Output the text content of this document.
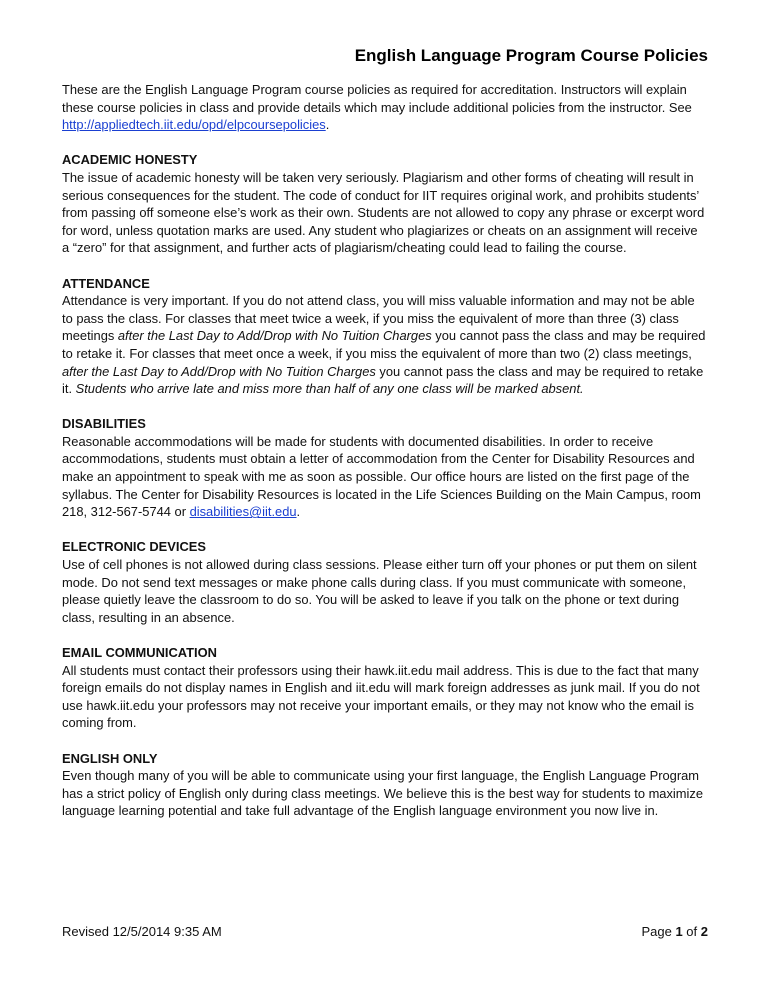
English Language Program Course Policies

These are the English Language Program course policies as required for accreditation. Instructors will explain these course policies in class and provide details which may include additional policies from the instructor. See http://appliedtech.iit.edu/opd/elpcoursepolicies.

ACADEMIC HONESTY

The issue of academic honesty will be taken very seriously. Plagiarism and other forms of cheating will result in serious consequences for the student. The code of conduct for IIT requires original work, and prohibits students’ from passing off someone else’s work as their own. Students are not allowed to copy any phrase or excerpt word for word, unless quotation marks are used. Any student who plagiarizes or cheats on an assignment will receive a “zero” for that assignment, and further acts of plagiarism/cheating could lead to failing the course.

ATTENDANCE

Attendance is very important. If you do not attend class, you will miss valuable information and may not be able to pass the class. For classes that meet twice a week, if you miss the equivalent of more than three (3) class meetings after the Last Day to Add/Drop with No Tuition Charges you cannot pass the class and may be required to retake it. For classes that meet once a week, if you miss the equivalent of more than two (2) class meetings, after the Last Day to Add/Drop with No Tuition Charges you cannot pass the class and may be required to retake it. Students who arrive late and miss more than half of any one class will be marked absent.

DISABILITIES

Reasonable accommodations will be made for students with documented disabilities. In order to receive accommodations, students must obtain a letter of accommodation from the Center for Disability Resources and make an appointment to speak with me as soon as possible. Our office hours are listed on the first page of the syllabus. The Center for Disability Resources is located in the Life Sciences Building on the Main Campus, room 218, 312-567-5744 or disabilities@iit.edu.

ELECTRONIC DEVICES

Use of cell phones is not allowed during class sessions. Please either turn off your phones or put them on silent mode. Do not send text messages or make phone calls during class. If you must communicate with someone, please quietly leave the classroom to do so. You will be asked to leave if you talk on the phone or text during class, resulting in an absence.

EMAIL COMMUNICATION

All students must contact their professors using their hawk.iit.edu mail address. This is due to the fact that many foreign emails do not display names in English and iit.edu will mark foreign addresses as junk mail. If you do not use hawk.iit.edu your professors may not receive your important emails, or they may not know who the email is coming from.

ENGLISH ONLY

Even though many of you will be able to communicate using your first language, the English Language Program has a strict policy of English only during class meetings. We believe this is the best way for students to maximize language learning potential and take full advantage of the English language environment you now live in.

Revised 12/5/2014 9:35 AM	Page 1 of 2
